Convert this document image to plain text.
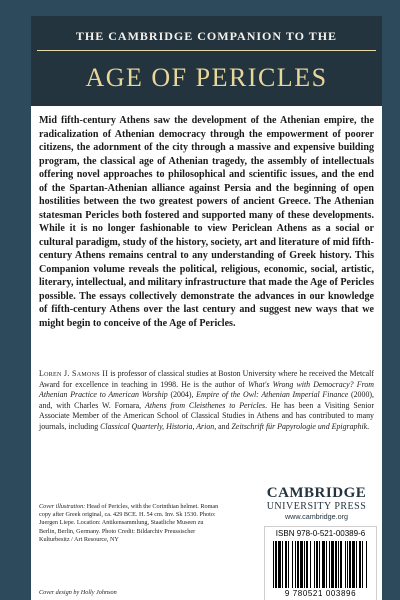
THE CAMBRIDGE COMPANION TO THE
AGE OF PERICLES

Mid fifth-century Athens saw the development of the Athenian empire, the radicalization of Athenian democracy through the empowerment of poorer citizens, the adornment of the city through a massive and expensive building program, the classical age of Athenian tragedy, the assembly of intellectuals offering novel approaches to philosophical and scientific issues, and the end of the Spartan-Athenian alliance against Persia and the beginning of open hostilities between the two greatest powers of ancient Greece. The Athenian statesman Pericles both fostered and supported many of these developments. While it is no longer fashionable to view Periclean Athens as a social or cultural paradigm, study of the history, society, art and literature of mid fifth-century Athens remains central to any understanding of Greek history. This Companion volume reveals the political, religious, economic, social, artistic, literary, intellectual, and military infrastructure that made the Age of Pericles possible. The essays collectively demonstrate the advances in our knowledge of fifth-century Athens over the last century and suggest new ways that we might begin to conceive of the Age of Pericles.

Loren J. Samons II is professor of classical studies at Boston University where he received the Metcalf Award for excellence in teaching in 1998. He is the author of What's Wrong with Democracy? From Athenian Practice to American Worship (2004), Empire of the Owl: Athenian Imperial Finance (2000), and, with Charles W. Fornara, Athens from Cleisthenes to Pericles. He has been a Visiting Senior Associate Member of the American School of Classical Studies in Athens and has contributed to many journals, including Classical Quarterly, Historia, Arion, and Zeitschrift für Papyrologie und Epigraphik.

Cover illustration: Head of Pericles, with the Corinthian helmet. Roman copy after Greek original, ca. 429 BCE. H. 54 cm. Inv. Sk 1530. Photo: Juergen Liepe. Location: Antikensammlung, Staatliche Museen zu Berlin, Berlin, Germany. Photo Credit: Bildarchiv Preussischer Kulturbesitz / Art Resource, NY

Cover design by Holly Johnson

CAMBRIDGE
UNIVERSITY PRESS
www.cambridge.org
ISBN 978-0-521-00389-6
9 780521 003896
